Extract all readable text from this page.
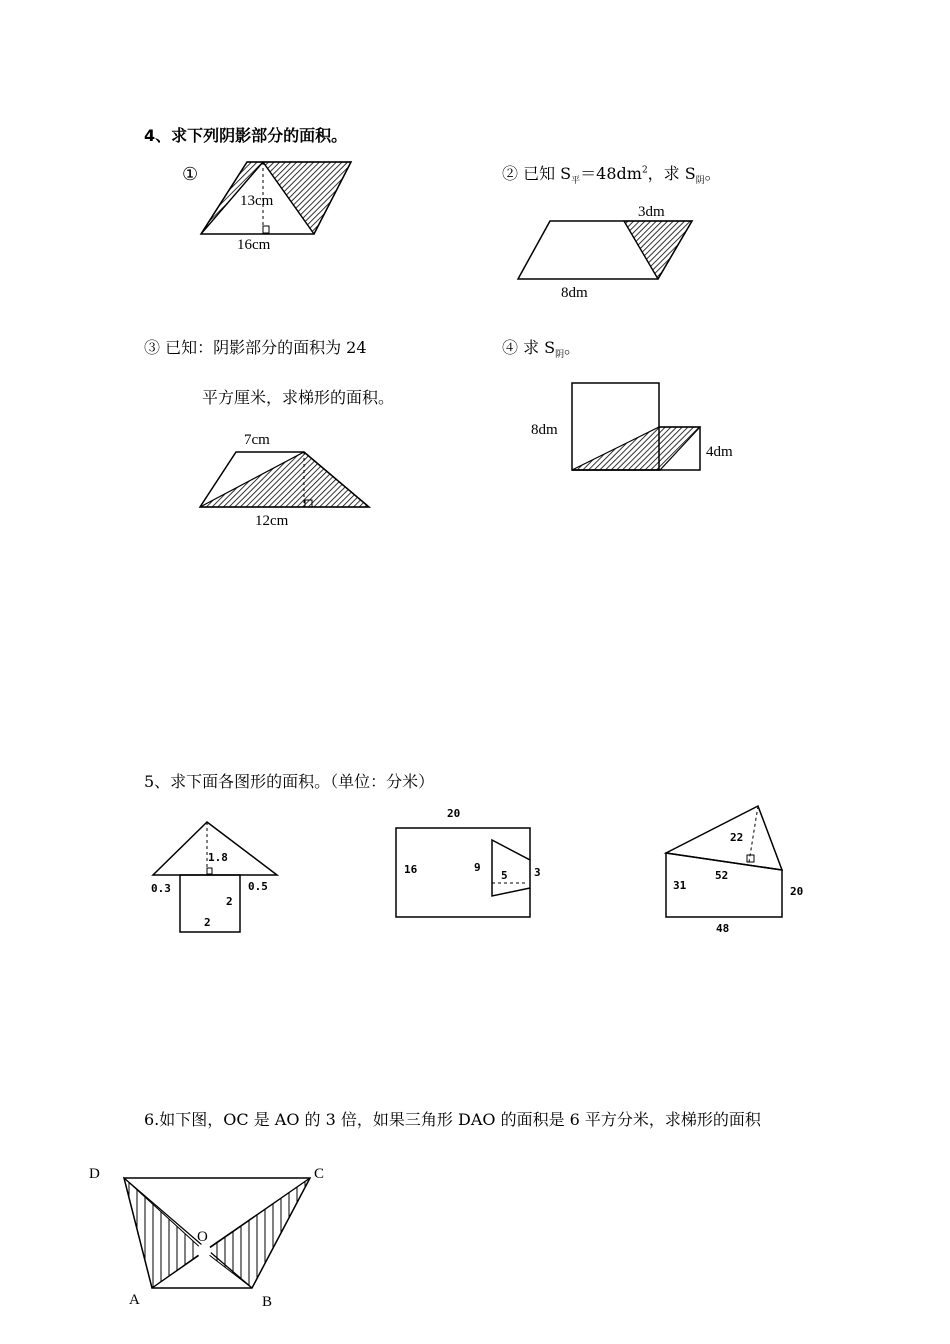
4、求下列阴影部分的面积。
①
13cm
16cm
② 已知 $S_平=48dm^2$，求 $S_阴$。
3dm
8dm
③ 已知：阴影部分的面积为 24
平方厘米，求梯形的面积。
7cm
12cm
④ 求 $S_阴$。
8dm
4dm
5、求下面各图形的面积。（单位：分米）
1.8
0.3	0.5
2
2
20
16	9
5 3
22
52
31	20
48
6.如下图，OC 是 AO 的 3 倍，如果三角形 DAO 的面积是 6 平方分米，求梯形的面积
D	C
O
A	B
